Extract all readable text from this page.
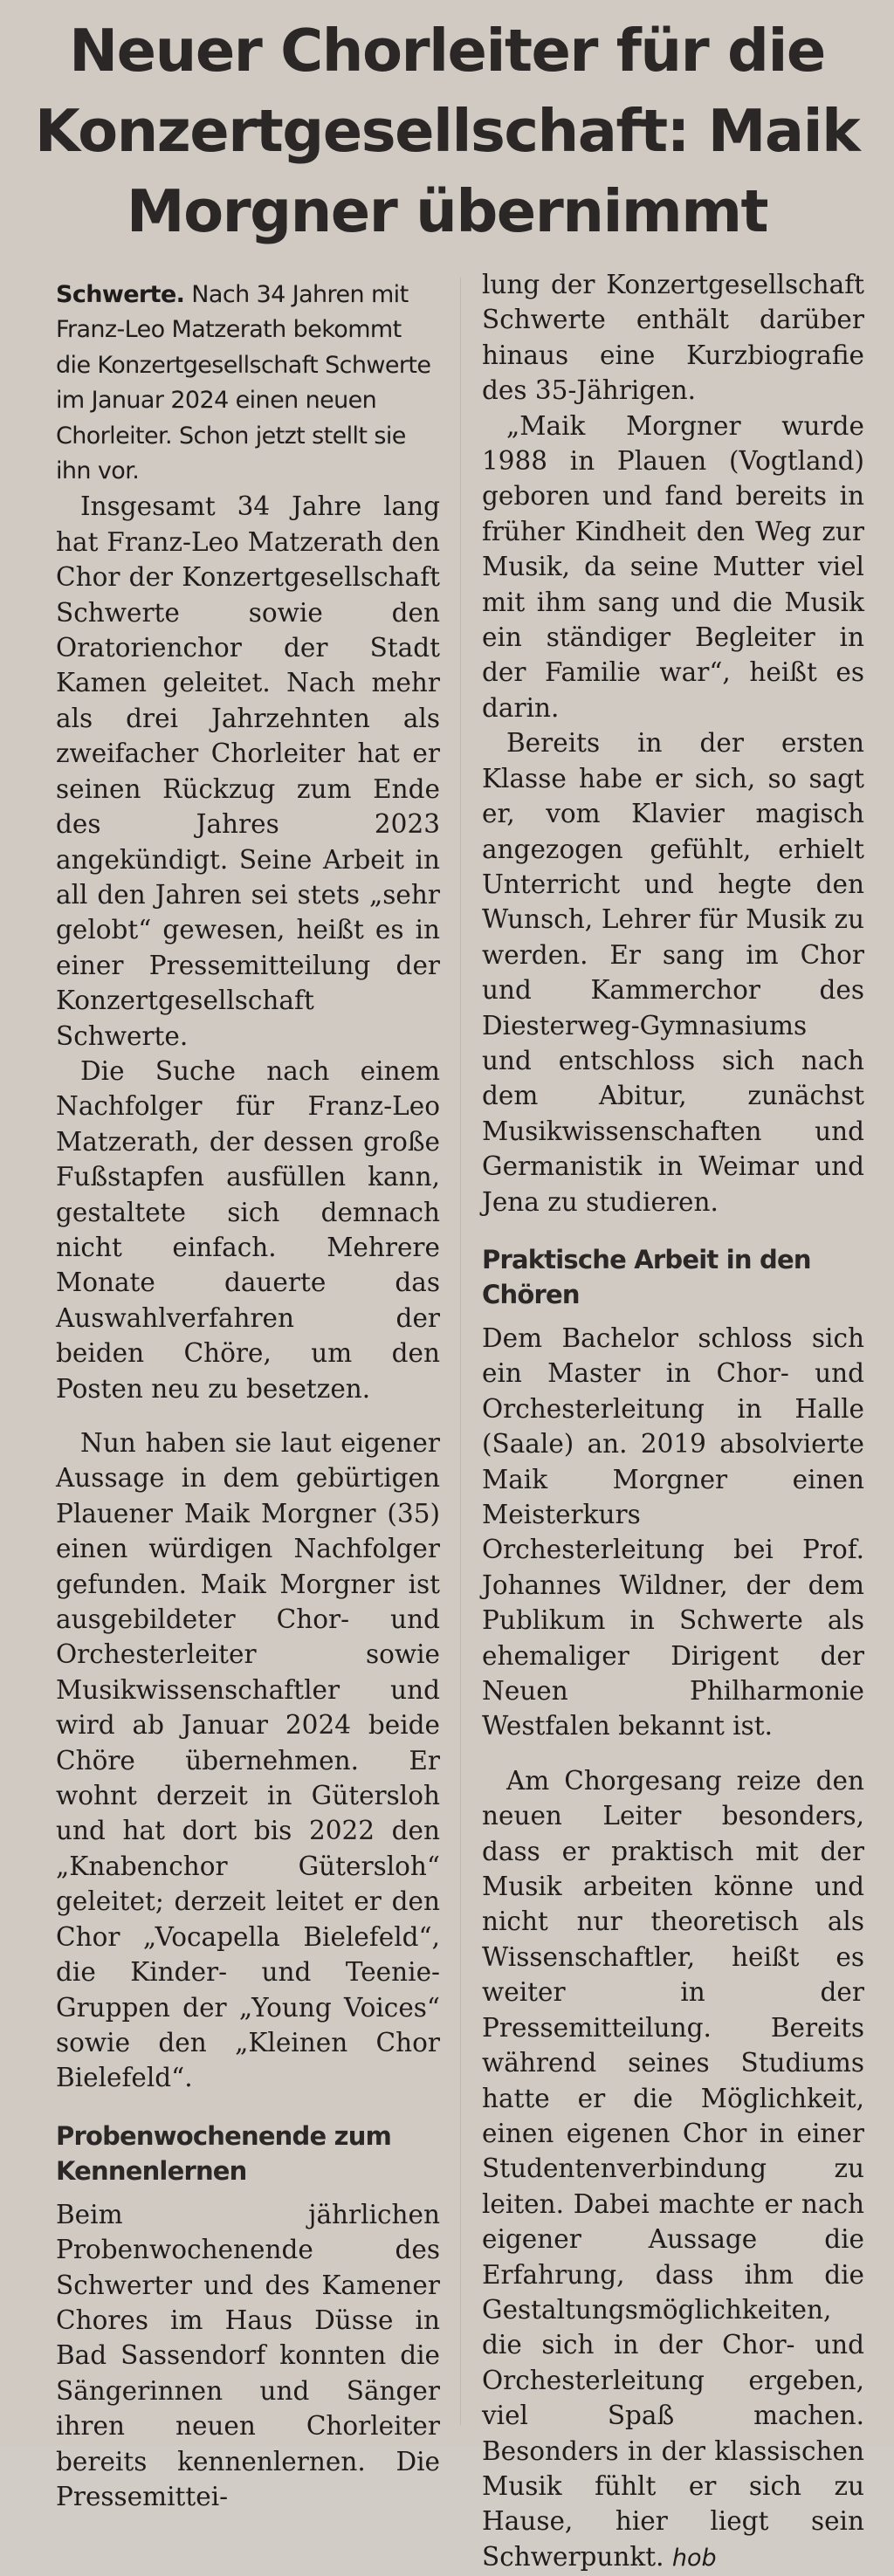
Neuer Chorleiter für die Konzertgesellschaft: Maik Morgner übernimmt

Schwerte. Nach 34 Jahren mit Franz-Leo Matzerath bekommt die Konzertgesellschaft Schwerte im Januar 2024 einen neuen Chorleiter. Schon jetzt stellt sie ihn vor.

Insgesamt 34 Jahre lang hat Franz-Leo Matzerath den Chor der Konzertgesellschaft Schwerte sowie den Oratorienchor der Stadt Kamen geleitet. Nach mehr als drei Jahrzehnten als zweifacher Chorleiter hat er seinen Rückzug zum Ende des Jahres 2023 angekündigt. Seine Arbeit in all den Jahren sei stets „sehr gelobt“ gewesen, heißt es in einer Pressemitteilung der Konzertgesellschaft Schwerte.

Die Suche nach einem Nachfolger für Franz-Leo Matzerath, der dessen große Fußstapfen ausfüllen kann, gestaltete sich demnach nicht einfach. Mehrere Monate dauerte das Auswahlverfahren der beiden Chöre, um den Posten neu zu besetzen.

Nun haben sie laut eigener Aussage in dem gebürtigen Plauener Maik Morgner (35) einen würdigen Nachfolger gefunden. Maik Morgner ist ausgebildeter Chor- und Orchesterleiter sowie Musikwissenschaftler und wird ab Januar 2024 beide Chöre übernehmen. Er wohnt derzeit in Gütersloh und hat dort bis 2022 den „Knabenchor Gütersloh“ geleitet; derzeit leitet er den Chor „Vocapella Bielefeld“, die Kinder- und Teenie-Gruppen der „Young Voices“ sowie den „Kleinen Chor Bielefeld“.

Probenwochenende zum Kennenlernen

Beim jährlichen Probenwochenende des Schwerter und des Kamener Chores im Haus Düsse in Bad Sassendorf konnten die Sängerinnen und Sänger ihren neuen Chorleiter bereits kennenlernen. Die Pressemittei-

lung der Konzertgesellschaft Schwerte enthält darüber hinaus eine Kurzbiografie des 35-Jährigen.

„Maik Morgner wurde 1988 in Plauen (Vogtland) geboren und fand bereits in früher Kindheit den Weg zur Musik, da seine Mutter viel mit ihm sang und die Musik ein ständiger Begleiter in der Familie war“, heißt es darin.

Bereits in der ersten Klasse habe er sich, so sagt er, vom Klavier magisch angezogen gefühlt, erhielt Unterricht und hegte den Wunsch, Lehrer für Musik zu werden. Er sang im Chor und Kammerchor des Diesterweg-Gymnasiums und entschloss sich nach dem Abitur, zunächst Musikwissenschaften und Germanistik in Weimar und Jena zu studieren.

Praktische Arbeit in den Chören

Dem Bachelor schloss sich ein Master in Chor- und Orchesterleitung in Halle (Saale) an. 2019 absolvierte Maik Morgner einen Meisterkurs Orchesterleitung bei Prof. Johannes Wildner, der dem Publikum in Schwerte als ehemaliger Dirigent der Neuen Philharmonie Westfalen bekannt ist.

Am Chorgesang reize den neuen Leiter besonders, dass er praktisch mit der Musik arbeiten könne und nicht nur theoretisch als Wissenschaftler, heißt es weiter in der Pressemitteilung. Bereits während seines Studiums hatte er die Möglichkeit, einen eigenen Chor in einer Studentenverbindung zu leiten. Dabei machte er nach eigener Aussage die Erfahrung, dass ihm die Gestaltungsmöglichkeiten, die sich in der Chor- und Orchesterleitung ergeben, viel Spaß machen. Besonders in der klassischen Musik fühlt er sich zu Hause, hier liegt sein Schwerpunkt. hob
